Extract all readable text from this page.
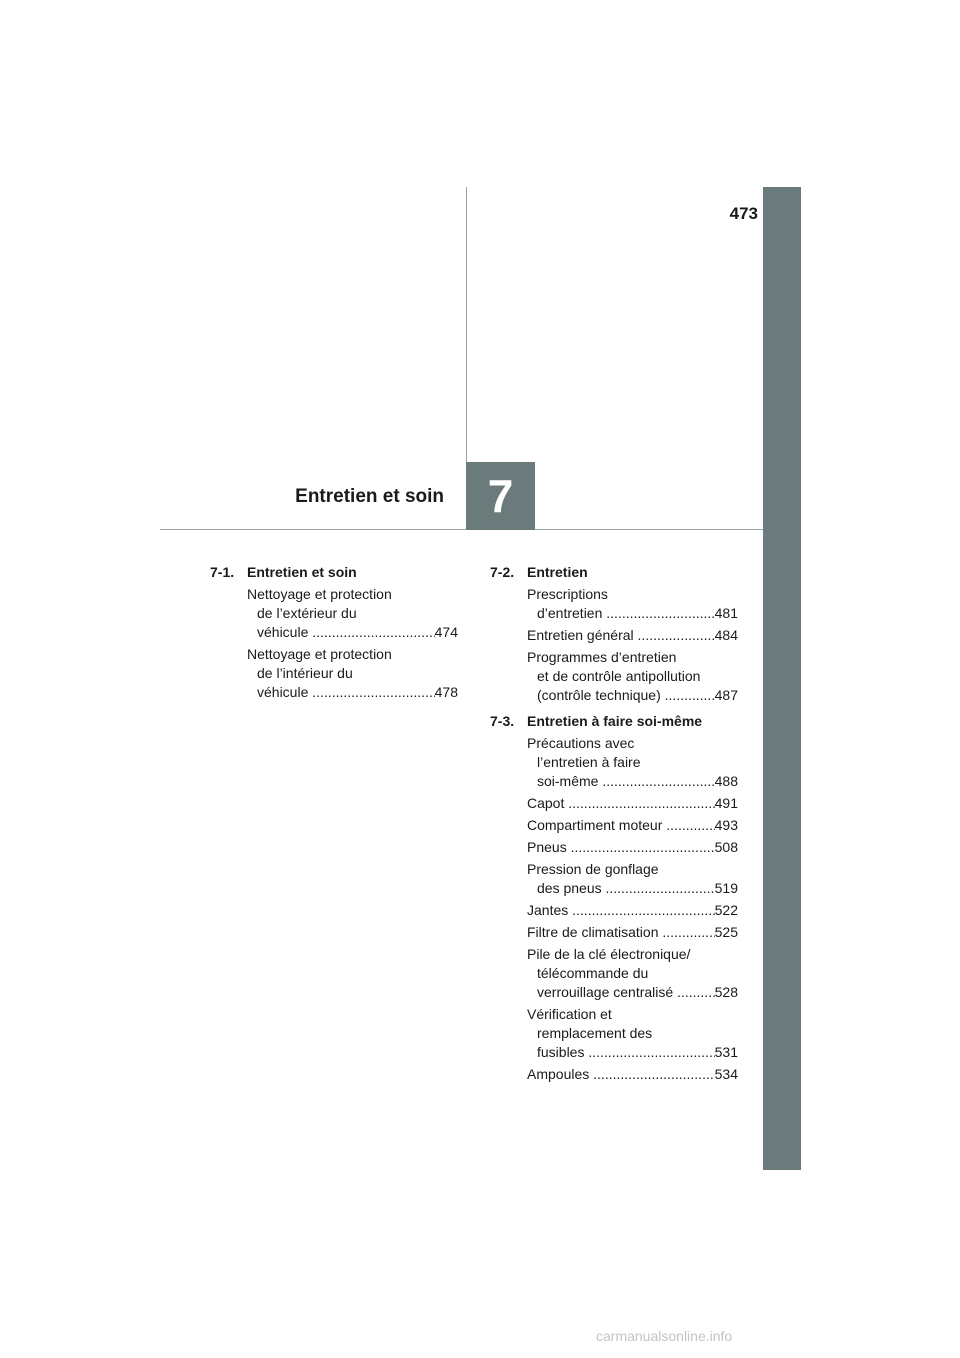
473
Entretien et soin 7
7-1. Entretien et soin
Nettoyage et protection
de l’extérieur du
véhicule .....	474
Nettoyage et protection
de l’intérieur du
véhicule .....	478
7-2. Entretien
Prescriptions
d’entretien .....	481
Entretien général .....	484
Programmes d’entretien
et de contrôle antipollution
(contrôle technique) .....	487
7-3. Entretien à faire soi-même
Précautions avec
l’entretien à faire
soi-même .....	488
Capot .....	491
Compartiment moteur .....	493
Pneus .....	508
Pression de gonflage
des pneus .....	519
Jantes .....	522
Filtre de climatisation .....	525
Pile de la clé électronique/
télécommande du
verrouillage centralisé .....	528
Vérification et
remplacement des
fusibles .....	531
Ampoules .....	534
carmanualsonline.info
